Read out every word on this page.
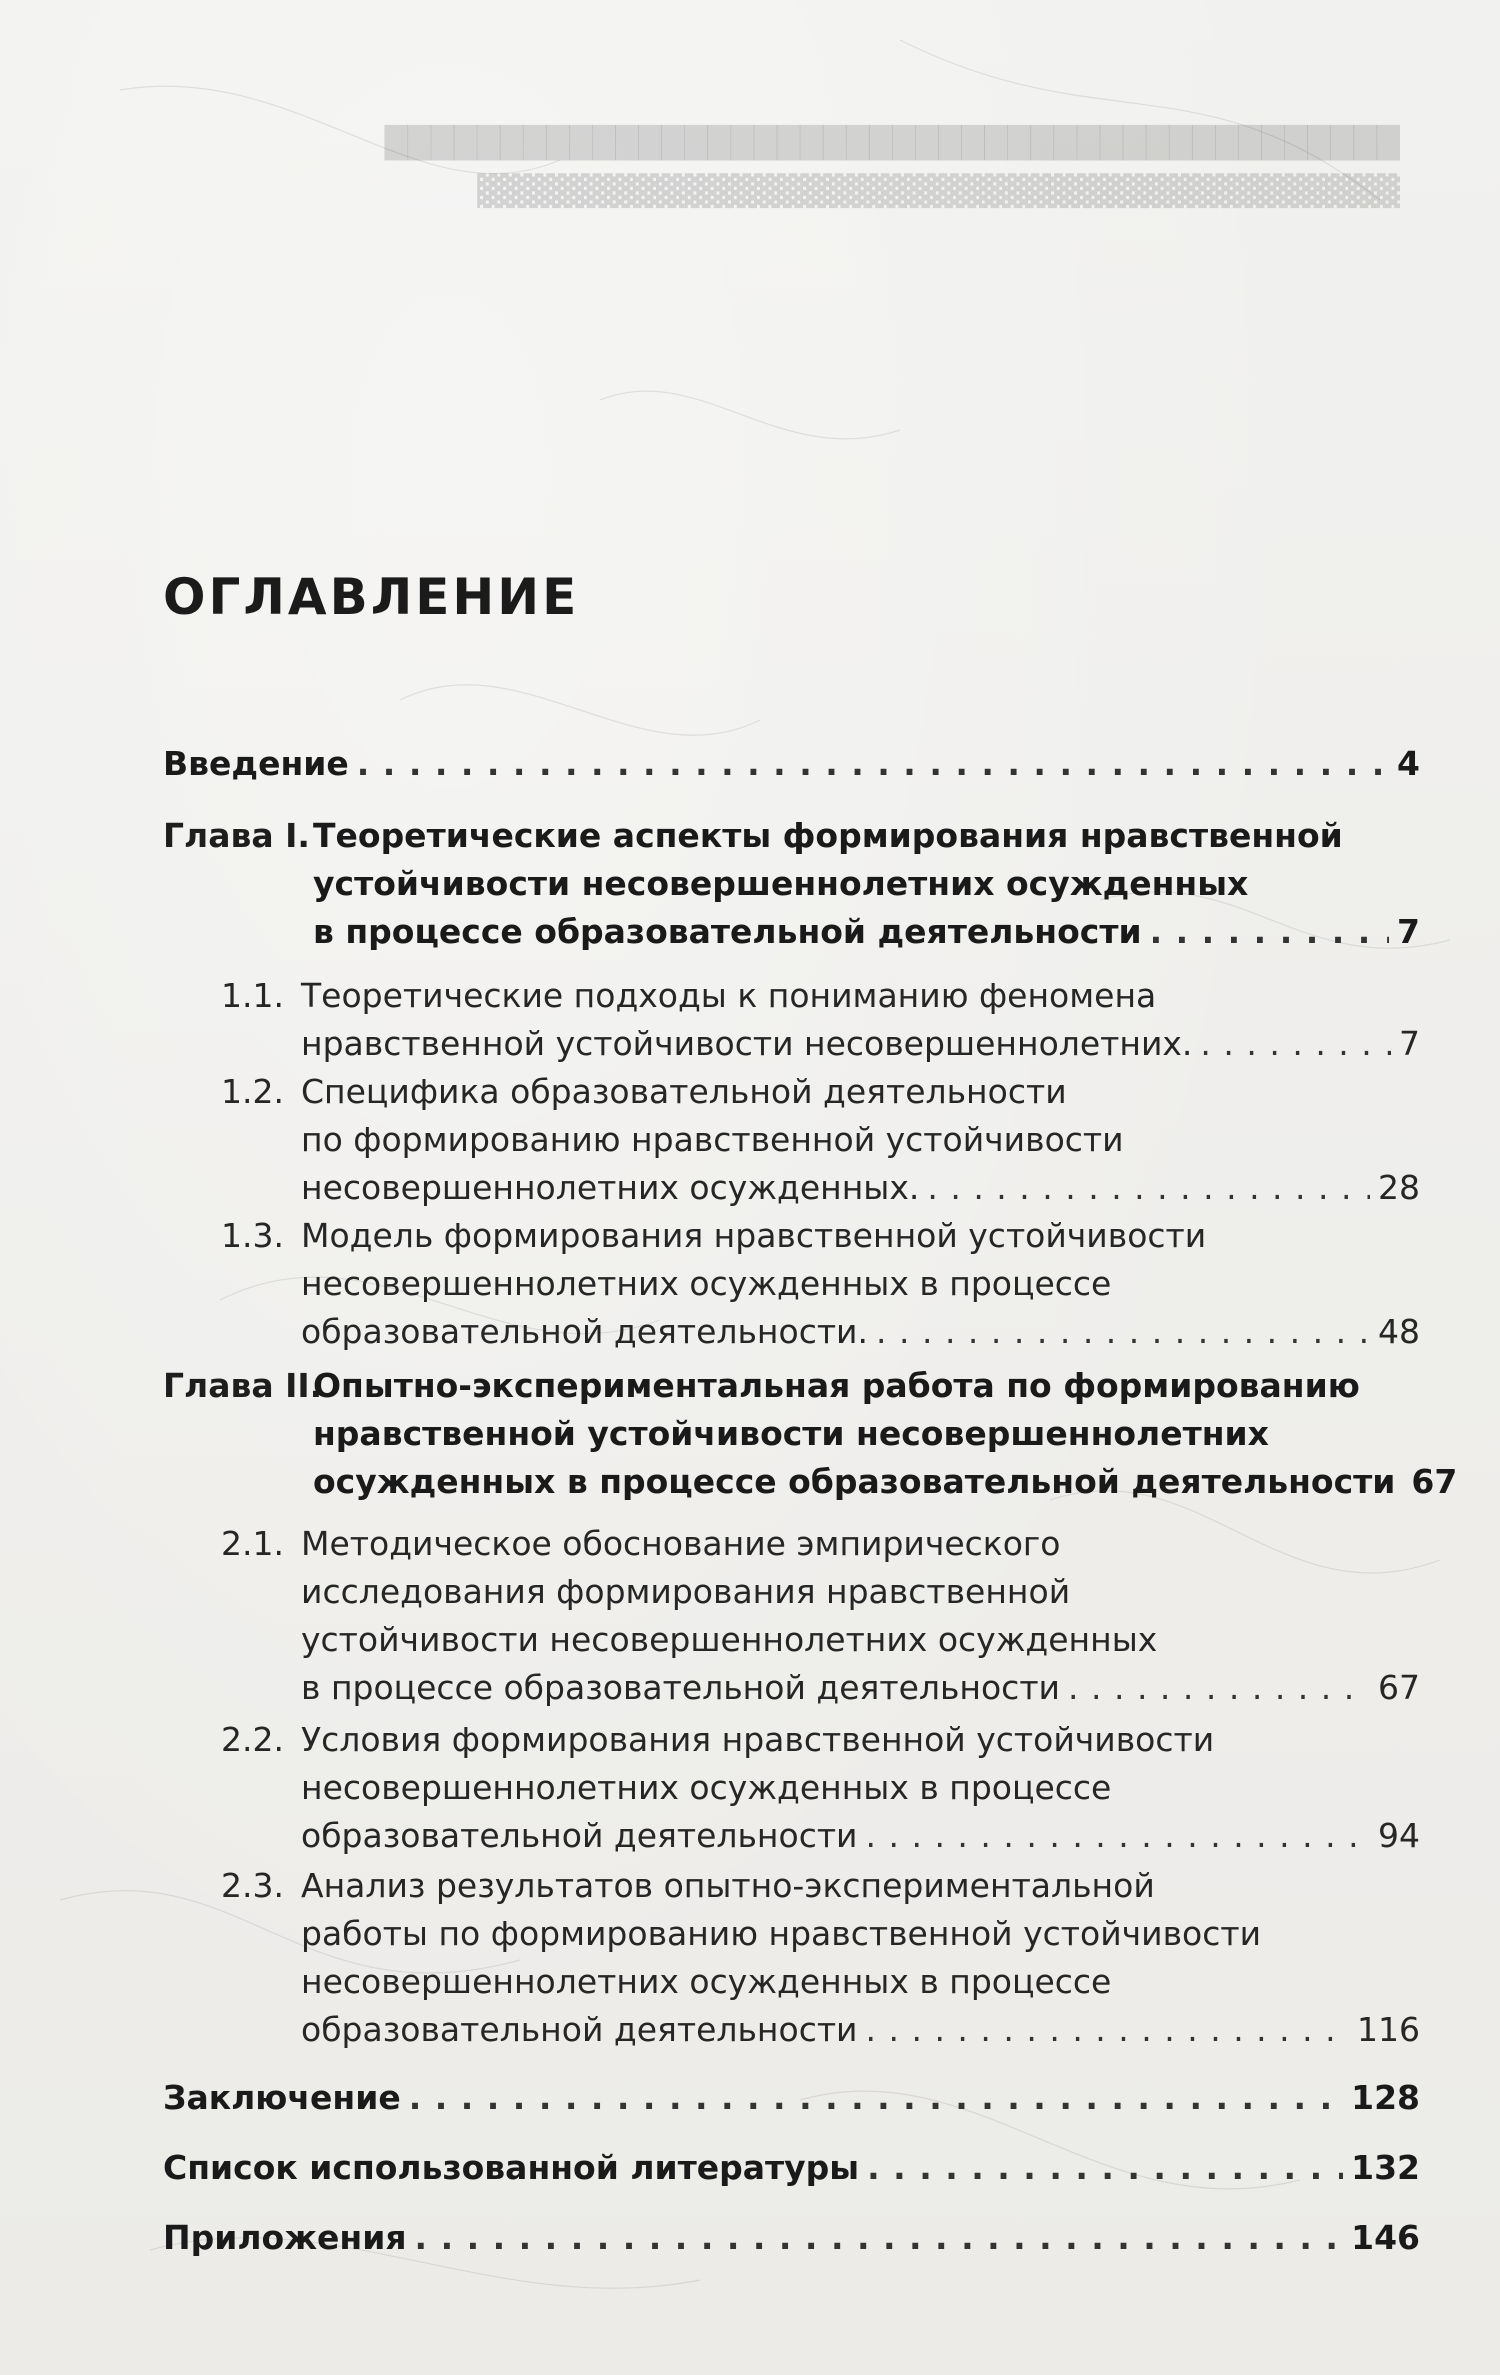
████████████████████████████████████████████
▓▓▓▓▓▓▓▓▓▓▓▓▓▓▓▓▓▓▓▓▓▓▓▓▓▓▓▓▓▓▓▓▓▓▓▓▓▓▓▓
ОГЛАВЛЕНИЕ
Введение . . .	4
Глава I. Теоретические аспекты формирования нравственной
устойчивости несовершеннолетних осужденных
в процессе образовательной деятельности . . .	7
1.1. Теоретические подходы к пониманию феномена
нравственной устойчивости несовершеннолетних. . . .	7
1.2. Специфика образовательной деятельности
по формированию нравственной устойчивости
несовершеннолетних осужденных. . . .	28
1.3. Модель формирования нравственной устойчивости
несовершеннолетних осужденных в процессе
образовательной деятельности. . . .	48
Глава II.
Опытно-экспериментальная работа по формированию
нравственной устойчивости несовершеннолетних
осужденных в процессе образовательной деятельности 67
2.1. Методическое обоснование эмпирического
исследования формирования нравственной
устойчивости несовершеннолетних осужденных
в процессе образовательной деятельности . . .	67
2.2. Условия формирования нравственной устойчивости
несовершеннолетних осужденных в процессе
образовательной деятельности . . .	94
2.3. Анализ результатов опытно-экспериментальной
работы по формированию нравственной устойчивости
несовершеннолетних осужденных в процессе
образовательной деятельности . . .	116
Заключение . . .	128
Список использованной литературы . . .	132
Приложения . . .	146
